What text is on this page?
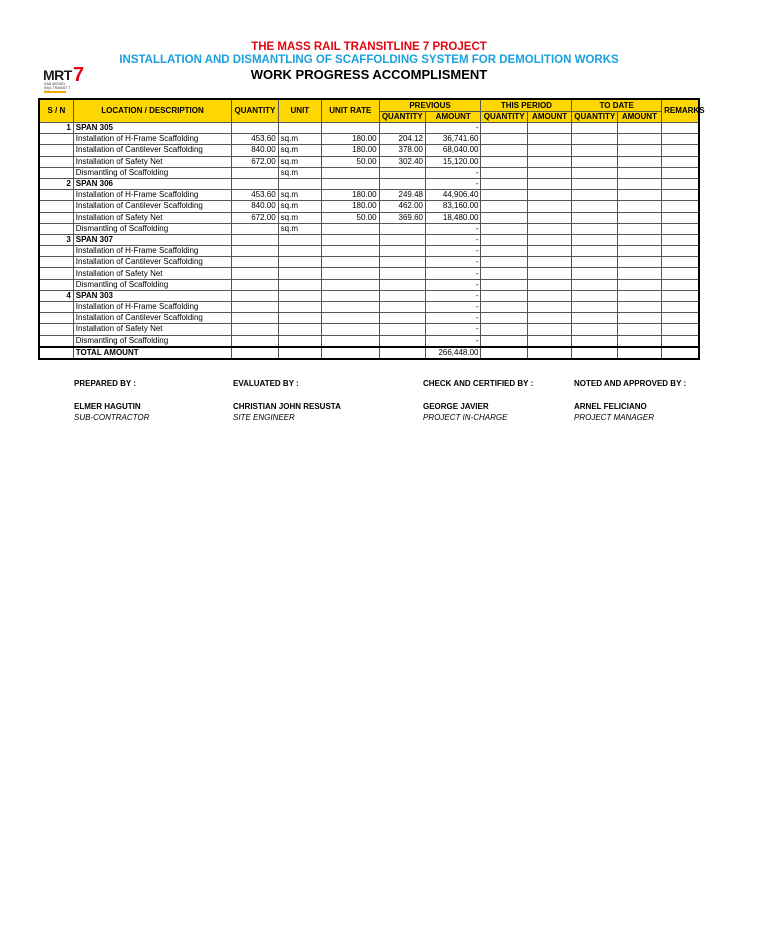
THE MASS RAIL TRANSITLINE 7 PROJECT
INSTALLATION AND DISMANTLING OF SCAFFOLDING SYSTEM FOR DEMOLITION WORKS
WORK PROGRESS ACCOMPLISMENT
MRT 7
SAN MIGUEL RAIL TRANSIT 7,
S / N	LOCATION / DESCRIPTION	QUANTITY	UNIT	UNIT RATE	PREVIOUS		THIS PERIOD		TO DATE		REMARKS
					QUANTITY	AMOUNT	QUANTITY	AMOUNT	QUANTITY	AMOUNT	
1	SPAN 305					-					
	Installation of H-Frame Scaffolding	453.60	sq.m	180.00	204.12	36,741.60					
	Installation of Cantilever Scaffolding	840.00	sq.m	180.00	378.00	68,040.00					
	Installation of Safety Net	672.00	sq.m	50.00	302.40	15,120.00					
	Dismantling of Scaffolding		sq.m			-					
2	SPAN 306					-					
	Installation of H-Frame Scaffolding	453.60	sq.m	180.00	249.48	44,906.40					
	Installation of Cantilever Scaffolding	840.00	sq.m	180.00	462.00	83,160.00					
	Installation of Safety Net	672.00	sq.m	50.00	369.60	18,480.00					
	Dismantling of Scaffolding		sq.m			-					
3	SPAN 307					-					
	Installation of H-Frame Scaffolding					-					
	Installation of Cantilever Scaffolding					-					
	Installation of Safety Net					-					
	Dismantling of Scaffolding					-					
4	SPAN 303					-					
	Installation of H-Frame Scaffolding					-					
	Installation of Cantilever Scaffolding					-					
	Installation of Safety Net					-					
	Dismantling of Scaffolding					-					
	TOTAL AMOUNT					266,448.00					
PREPARED BY :	EVALUATED BY :	CHECK AND CERTIFIED BY :	NOTED AND APPROVED BY :
ELMER HAGUTIN	CHRISTIAN JOHN RESUSTA	GEORGE JAVIER	ARNEL FELICIANO
SUB-CONTRACTOR	SITE ENGINEER	PROJECT IN-CHARGE	PROJECT MANAGER
